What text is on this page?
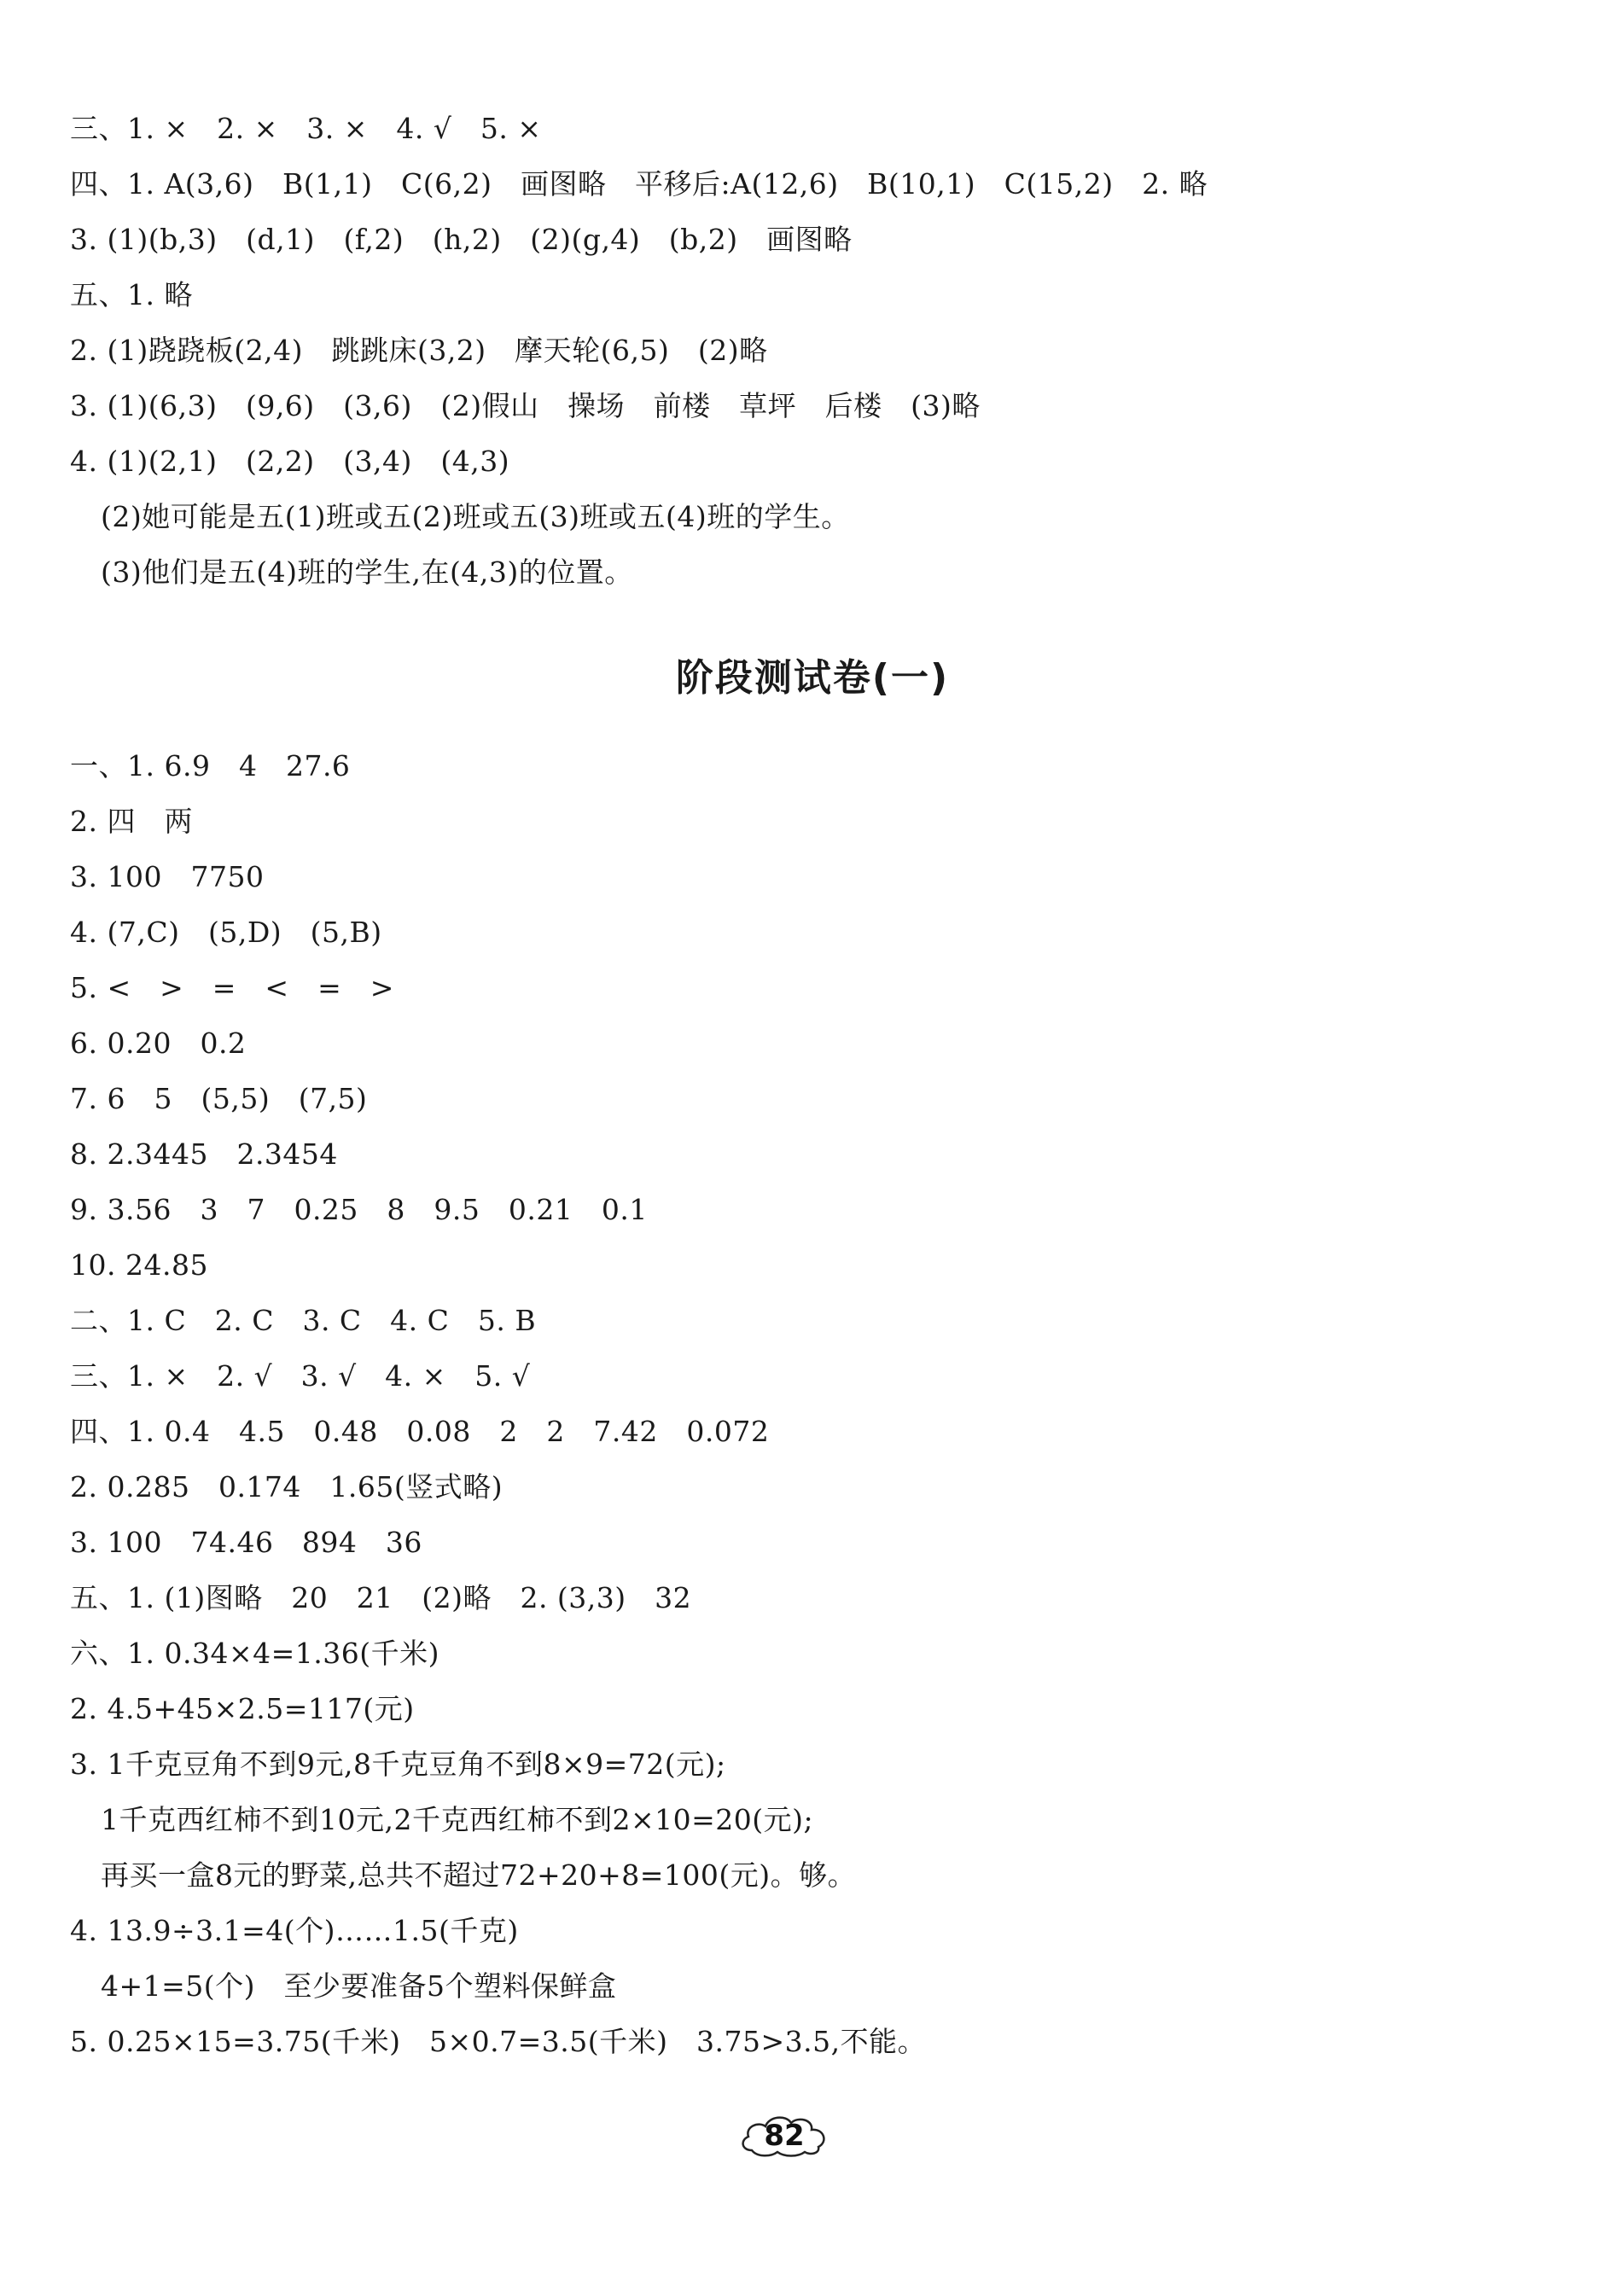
三、1. ×　2. ×　3. ×　4. √　5. ×
四、1. A(3,6)　B(1,1)　C(6,2)　画图略　平移后:A(12,6)　B(10,1)　C(15,2)　2. 略
3. (1)(b,3)　(d,1)　(f,2)　(h,2)　(2)(g,4)　(b,2)　画图略
五、1. 略
2. (1)跷跷板(2,4)　跳跳床(3,2)　摩天轮(6,5)　(2)略
3. (1)(6,3)　(9,6)　(3,6)　(2)假山　操场　前楼　草坪　后楼　(3)略
4. (1)(2,1)　(2,2)　(3,4)　(4,3)
(2)她可能是五(1)班或五(2)班或五(3)班或五(4)班的学生。
(3)他们是五(4)班的学生,在(4,3)的位置。
阶段测试卷(一)
一、1. 6.9　4　27.6
2. 四　两
3. 100　7750
4. (7,C)　(5,D)　(5,B)
5. <　>　=　<　=　>
6. 0.20　0.2
7. 6　5　(5,5)　(7,5)
8. 2.3445　2.3454
9. 3.56　3　7　0.25　8　9.5　0.21　0.1
10. 24.85
二、1. C　2. C　3. C　4. C　5. B
三、1. ×　2. √　3. √　4. ×　5. √
四、1. 0.4　4.5　0.48　0.08　2　2　7.42　0.072
2. 0.285　0.174　1.65(竖式略)
3. 100　74.46　894　36
五、1. (1)图略　20　21　(2)略　2. (3,3)　32
六、1. 0.34×4=1.36(千米)
2. 4.5+45×2.5=117(元)
3. 1千克豆角不到9元,8千克豆角不到8×9=72(元);
1千克西红柿不到10元,2千克西红柿不到2×10=20(元);
再买一盒8元的野菜,总共不超过72+20+8=100(元)。够。
4. 13.9÷3.1=4(个)……1.5(千克)
4+1=5(个)　至少要准备5个塑料保鲜盒
5. 0.25×15=3.75(千米)　5×0.7=3.5(千米)　3.75>3.5,不能。
82
